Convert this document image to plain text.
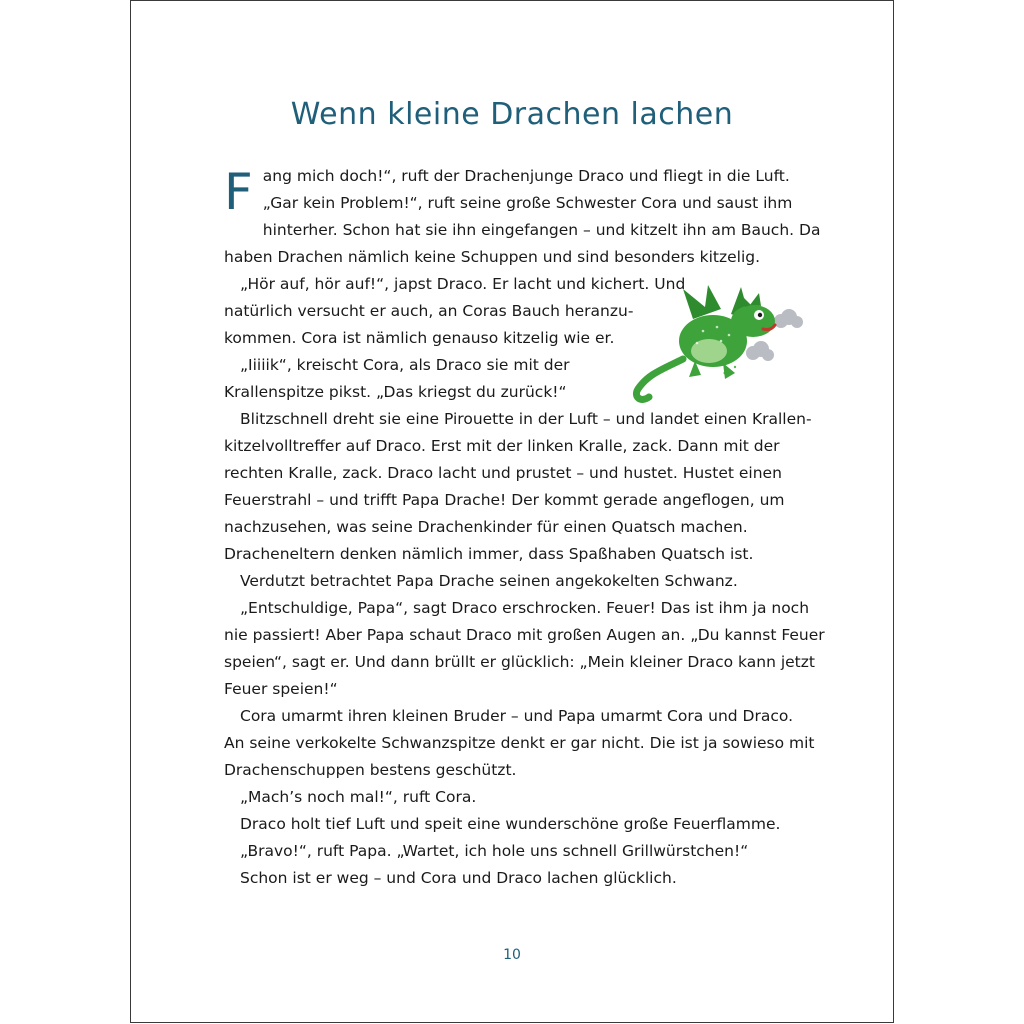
Wenn kleine Drachen lachen

F ang mich doch!“, ruft der Drachenjunge Draco und fliegt in die Luft.
„Gar kein Problem!“, ruft seine große Schwester Cora und saust ihm
hinterher. Schon hat sie ihn eingefangen – und kitzelt ihn am Bauch. Da
haben Drachen nämlich keine Schuppen und sind besonders kitzelig.

„Hör auf, hör auf!“, japst Draco. Er lacht und kichert. Und
natürlich versucht er auch, an Coras Bauch heranzu-
kommen. Cora ist nämlich genauso kitzelig wie er.

„Iiiiik“, kreischt Cora, als Draco sie mit der
Krallenspitze pikst. „Das kriegst du zurück!“

Blitzschnell dreht sie eine Pirouette in der Luft – und landet einen Krallen-
kitzelvolltreffer auf Draco. Erst mit der linken Kralle, zack. Dann mit der
rechten Kralle, zack. Draco lacht und prustet – und hustet. Hustet einen
Feuerstrahl – und trifft Papa Drache! Der kommt gerade angeflogen, um
nachzusehen, was seine Drachenkinder für einen Quatsch machen.
Dracheneltern denken nämlich immer, dass Spaßhaben Quatsch ist.

Verdutzt betrachtet Papa Drache seinen angekokelten Schwanz.

„Entschuldige, Papa“, sagt Draco erschrocken. Feuer! Das ist ihm ja noch
nie passiert! Aber Papa schaut Draco mit großen Augen an. „Du kannst Feuer
speien“, sagt er. Und dann brüllt er glücklich: „Mein kleiner Draco kann jetzt
Feuer speien!“

Cora umarmt ihren kleinen Bruder – und Papa umarmt Cora und Draco.
An seine verkokelte Schwanzspitze denkt er gar nicht. Die ist ja sowieso mit
Drachenschuppen bestens geschützt.

„Mach’s noch mal!“, ruft Cora.

Draco holt tief Luft und speit eine wunderschöne große Feuerflamme.

„Bravo!“, ruft Papa. „Wartet, ich hole uns schnell Grillwürstchen!“

Schon ist er weg – und Cora und Draco lachen glücklich.

10
